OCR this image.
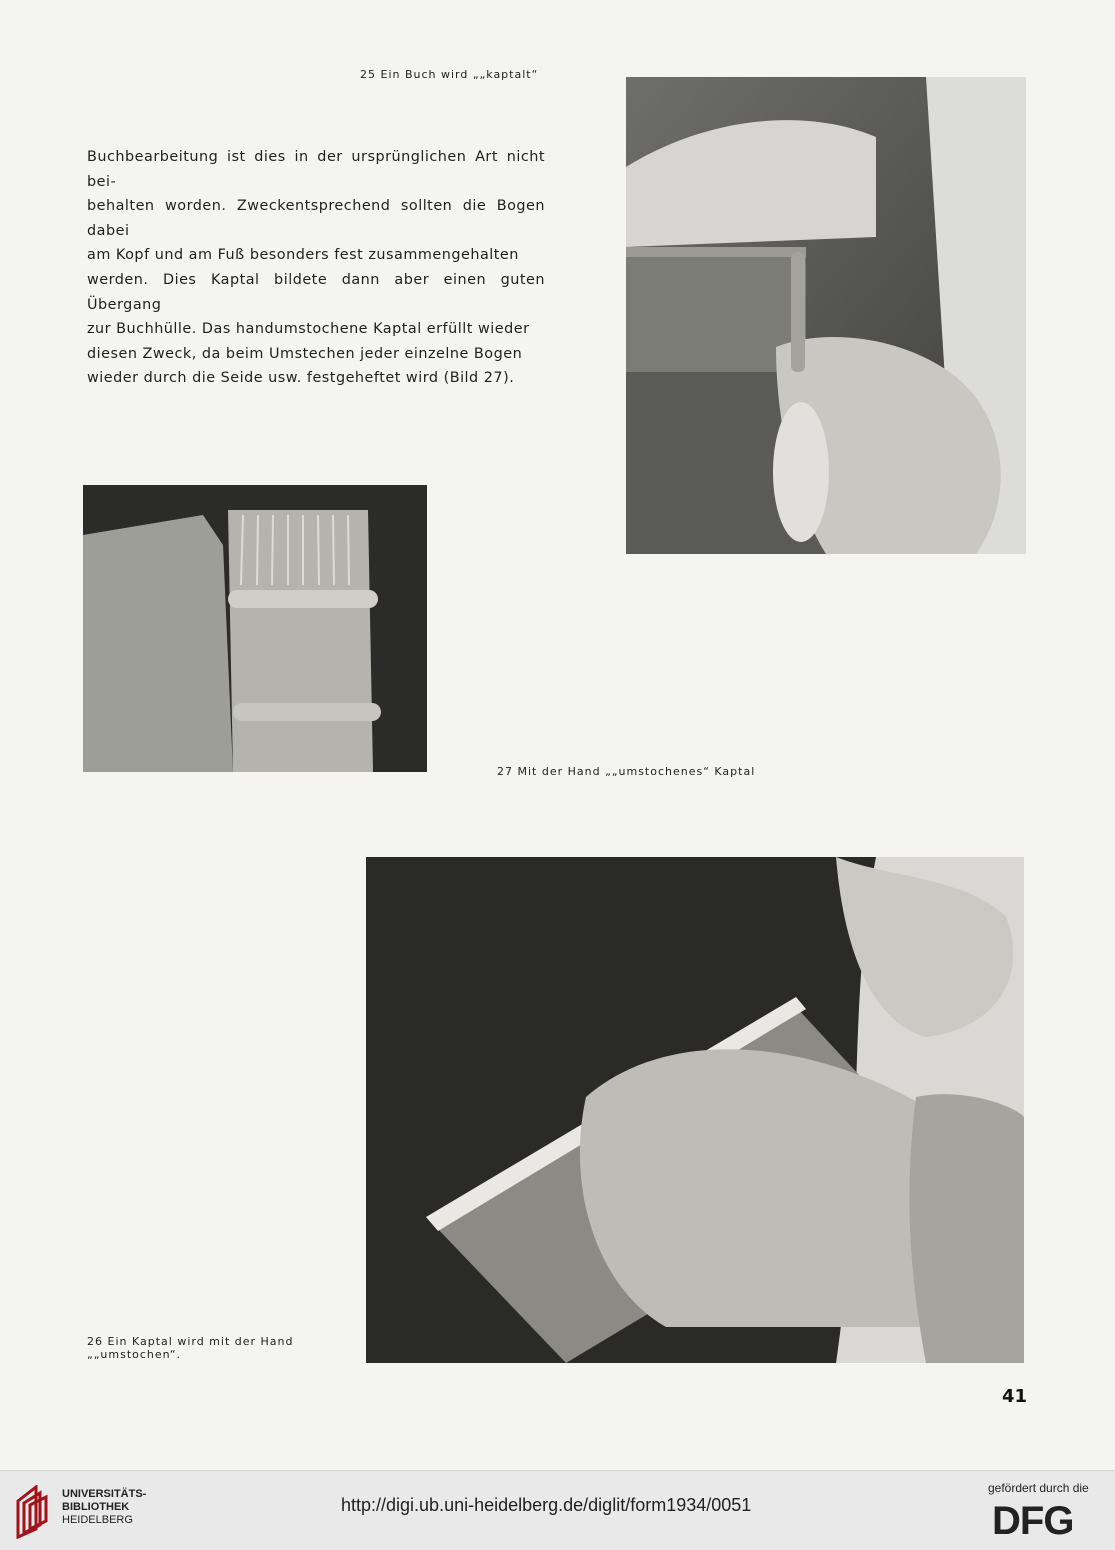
25 Ein Buch wird „„kaptalt“

Buchbearbeitung ist dies in der ursprünglichen Art nicht bei-

behalten worden. Zweckentsprechend sollten die Bogen dabei

am Kopf und am Fuß besonders fest zusammengehalten

werden. Dies Kaptal bildete dann aber einen guten Übergang

zur Buchhülle. Das handumstochene Kaptal erfüllt wieder

diesen Zweck, da beim Umstechen jeder einzelne Bogen

wieder durch die Seide usw. festgeheftet wird (Bild 27).

27 Mit der Hand „„umstochenes“ Kaptal
26 Ein Kaptal wird mit der Hand
„„umstochen“.
41
UNIVERSITÄTS-
BIBLIOTHEK
HEIDELBERG
http://digi.ub.uni-heidelberg.de/diglit/form1934/0051
gefördert durch die
DFG
